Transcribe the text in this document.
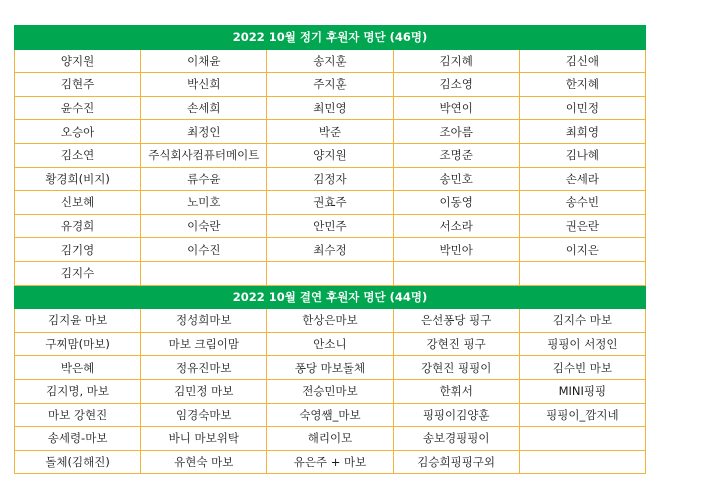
2022 10월 정기 후원자 명단 (46명)				
양지원	이채윤	송지훈	김지혜	김신애
김현주	박신희	주지훈	김소영	한지혜
윤수진	손세희	최민영	박연이	이민정
오승아	최정인	박준	조아름	최희영
김소연	주식회사컴퓨터메이트	양지원	조명준	김나혜
황경희(비지)	류수윤	김정자	송민호	손세라
신보혜	노미호	권효주	이동영	송수빈
유경희	이숙란	안민주	서소라	권은란
김기영	이수진	최수정	박민아	이지은
김지수				
2022 10월 결연 후원자 명단 (44명)				
김지윤 마보	정성희마보	한상은마보	은선퐁당 핑구	김지수 마보
구찌맘(마보)	마보 크림이맘	안소니	강현진 핑구	핑핑이 서정인
박은혜	정유진마보	퐁당 마보돌체	강현진 핑핑이	김수빈 마보
김지명, 마보	김민정 마보	전승민마보	한휘서	MINI핑핑
마보 강현진	임경숙마보	숙영쌤_마보	핑핑이김양훈	핑핑이_깜지네
송세령-마보	바니 마보위탁	해리이모	송보경핑핑이	
돌체(김해진)	유현숙 마보	유은주 + 마보	김승희핑핑구외	
